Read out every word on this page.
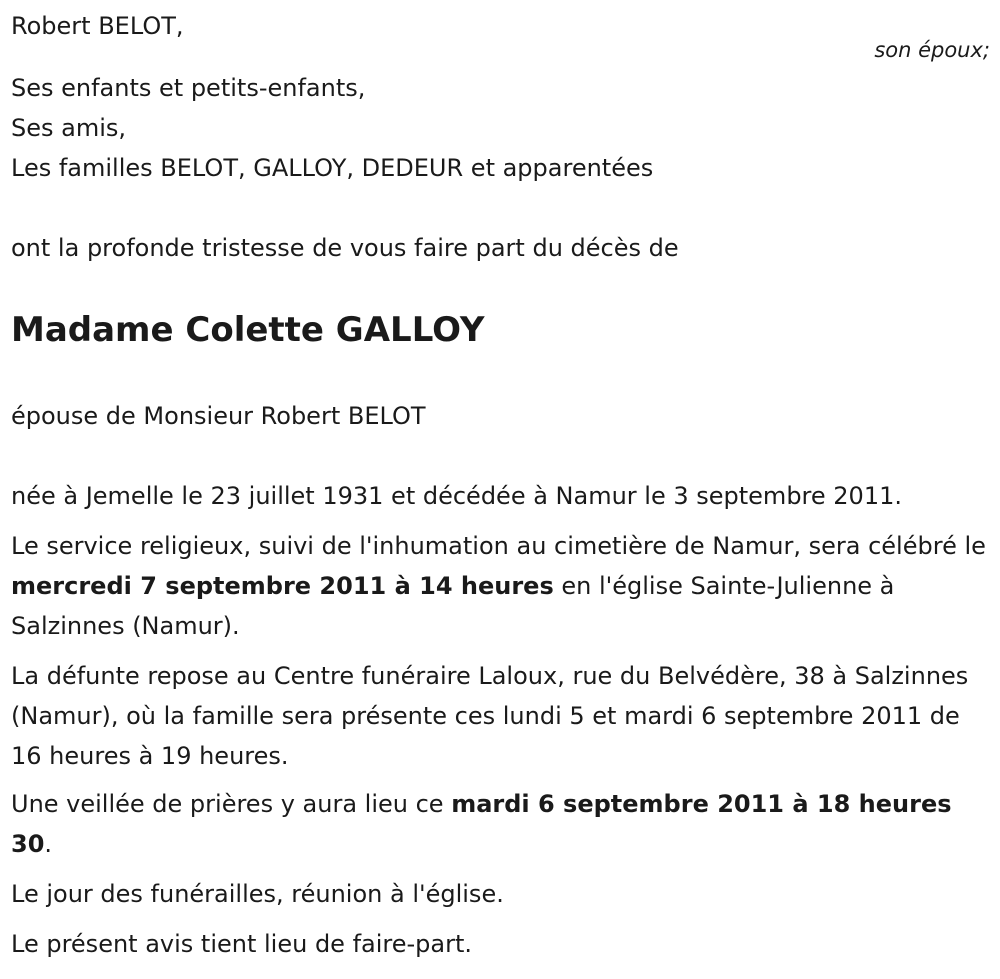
Robert BELOT,

son époux;

Ses enfants et petits-enfants,

Ses amis,

Les familles BELOT, GALLOY, DEDEUR et apparentées

ont la profonde tristesse de vous faire part du décès de

Madame Colette GALLOY

épouse de Monsieur Robert BELOT

née à Jemelle le 23 juillet 1931 et décédée à Namur le 3 septembre 2011.

Le service religieux, suivi de l'inhumation au cimetière de Namur, sera célébré le mercredi 7 septembre 2011 à 14 heures en l'église Sainte-Julienne à Salzinnes (Namur).

La défunte repose au Centre funéraire Laloux, rue du Belvédère, 38 à Salzinnes (Namur), où la famille sera présente ces lundi 5 et mardi 6 septembre 2011 de 16 heures à 19 heures.

Une veillée de prières y aura lieu ce mardi 6 septembre 2011 à 18 heures 30.

Le jour des funérailles, réunion à l'église.

Le présent avis tient lieu de faire-part.
